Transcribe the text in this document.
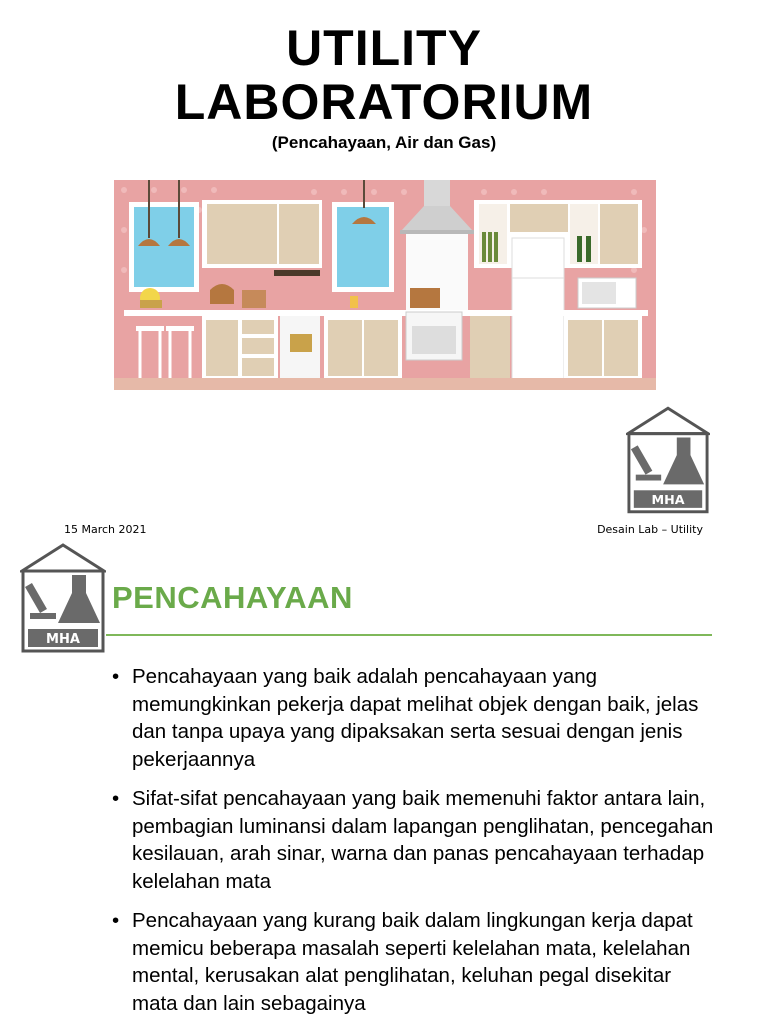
UTILITY
LABORATORIUM
(Pencahayaan, Air dan Gas)
MHA
15 March 2021	Desain Lab – Utility
MHA
PENCAHAYAAN
• Pencahayaan yang baik adalah pencahayaan yang memungkinkan pekerja dapat melihat objek dengan baik, jelas dan tanpa upaya yang dipaksakan serta sesuai dengan jenis pekerjaannya
• Sifat-sifat pencahayaan yang baik memenuhi faktor antara lain, pembagian luminansi dalam lapangan penglihatan, pencegahan kesilauan, arah sinar, warna dan panas pencahayaan terhadap kelelahan mata
• Pencahayaan yang kurang baik dalam lingkungan kerja dapat memicu beberapa masalah seperti kelelahan mata, kelelahan mental, kerusakan alat penglihatan, keluhan pegal disekitar mata dan lain sebagainya
